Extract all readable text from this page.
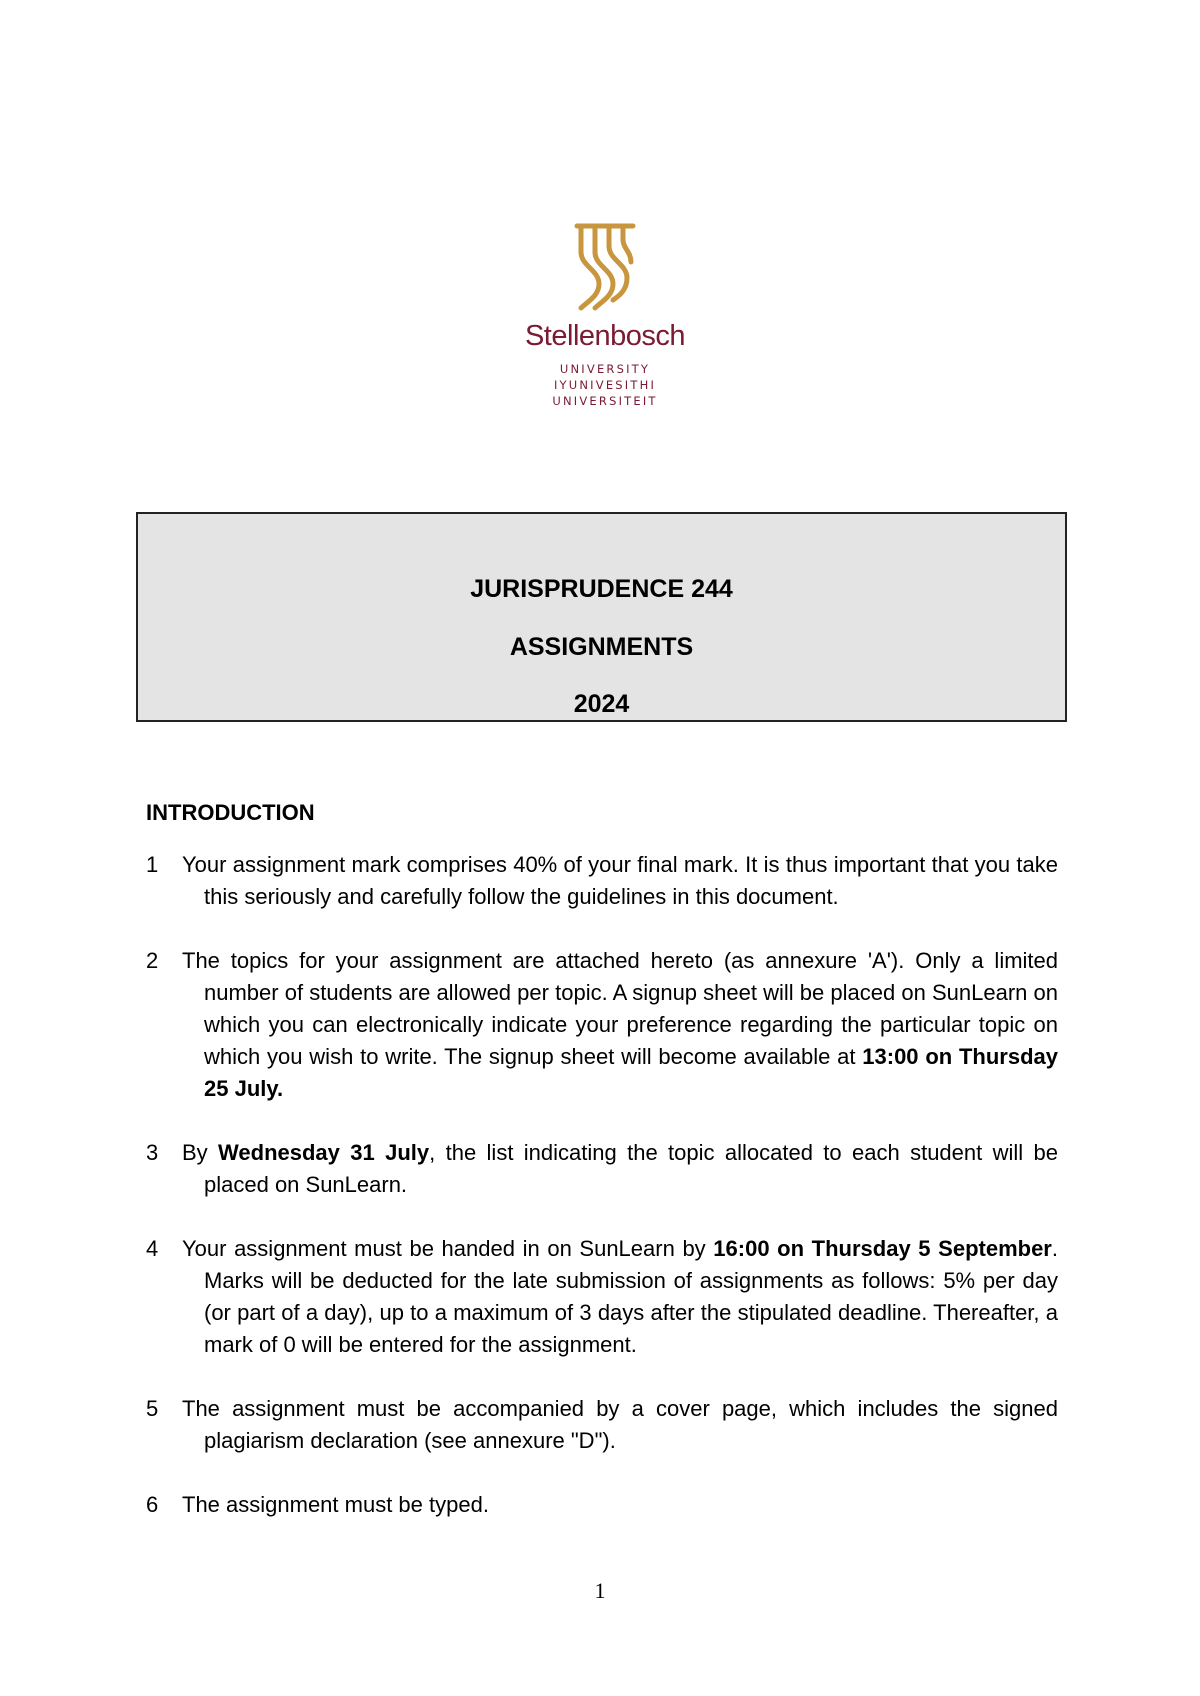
Stellenbosch
UNIVERSITY
IYUNIVESITHI
UNIVERSITEIT
JURISPRUDENCE 244
ASSIGNMENTS
2024
INTRODUCTION
1 Your assignment mark comprises 40% of your final mark. It is thus important that you take this seriously and carefully follow the guidelines in this document.
2 The topics for your assignment are attached hereto (as annexure 'A'). Only a limited number of students are allowed per topic. A signup sheet will be placed on SunLearn on which you can electronically indicate your preference regarding the particular topic on which you wish to write. The signup sheet will become available at 13:00 on Thursday 25 July.
3 By Wednesday 31 July, the list indicating the topic allocated to each student will be placed on SunLearn.
4 Your assignment must be handed in on SunLearn by 16:00 on Thursday 5 September. Marks will be deducted for the late submission of assignments as follows: 5% per day (or part of a day), up to a maximum of 3 days after the stipulated deadline. Thereafter, a mark of 0 will be entered for the assignment.
5 The assignment must be accompanied by a cover page, which includes the signed plagiarism declaration (see annexure "D").
6 The assignment must be typed.
1
